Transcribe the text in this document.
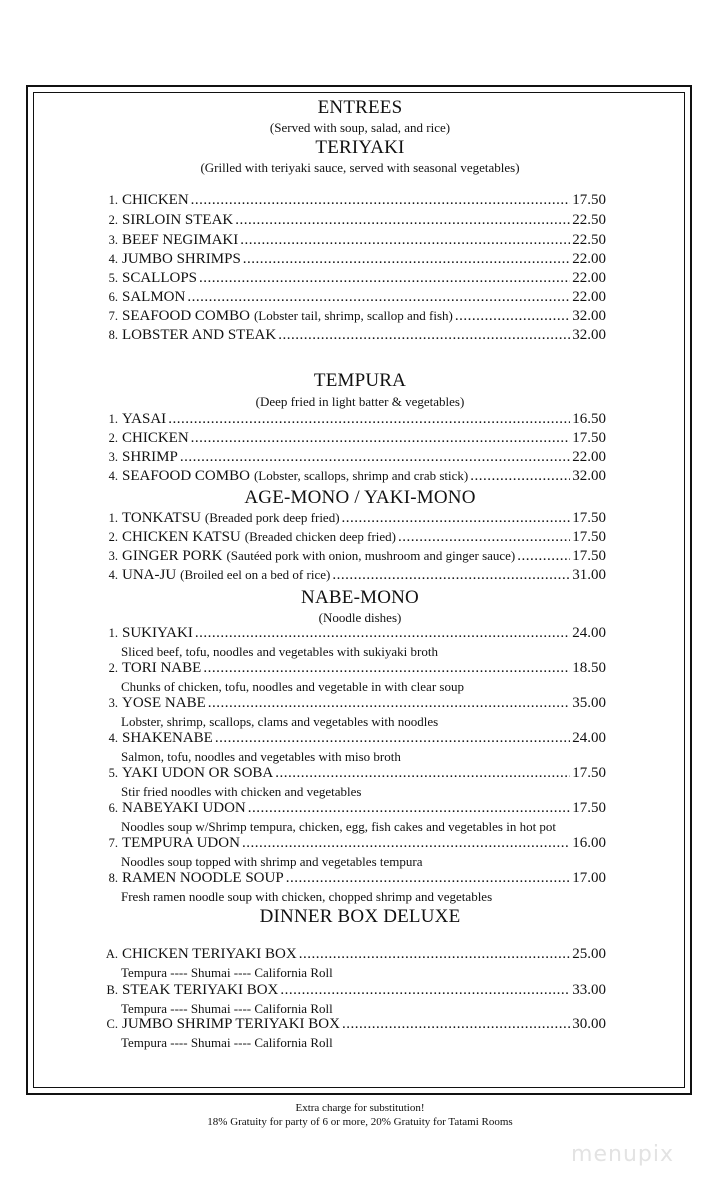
ENTREES
(Served with soup, salad, and rice)
TERIYAKI
(Grilled with teriyaki sauce, served with seasonal vegetables)
TEMPURA
(Deep fried in light batter & vegetables)
AGE-MONO / YAKI-MONO
NABE-MONO
(Noodle dishes)
DINNER BOX DELUXE
1. CHICKEN .....	17.50
2. SIRLOIN STEAK .....	22.50
3. BEEF NEGIMAKI .....	22.50
4. JUMBO SHRIMPS .....	22.00
5. SCALLOPS .....	22.00
6. SALMON .....	22.00
7. SEAFOOD COMBO (Lobster tail, shrimp, scallop and fish) .....	32.00
8. LOBSTER AND STEAK .....	32.00
1. YASAI .....	16.50
2. CHICKEN .....	17.50
3. SHRIMP .....	22.00
4. SEAFOOD COMBO (Lobster, scallops, shrimp and crab stick) .....	32.00
1. TONKATSU (Breaded pork deep fried) .....	17.50
2. CHICKEN KATSU (Breaded chicken deep fried) .....	17.50
3. GINGER PORK (Sautéed pork with onion, mushroom and ginger sauce) .....	17.50
4. UNA-JU (Broiled eel on a bed of rice) .....	31.00
1. SUKIYAKI .....	24.00
Sliced beef, tofu, noodles and vegetables with sukiyaki broth
2. TORI NABE .....	18.50
Chunks of chicken, tofu, noodles and vegetable in with clear soup
3. YOSE NABE .....	35.00
Lobster, shrimp, scallops, clams and vegetables with noodles
4. SHAKENABE .....	24.00
Salmon, tofu, noodles and vegetables with miso broth
5. YAKI UDON OR SOBA .....	17.50
Stir fried noodles with chicken and vegetables
6. NABEYAKI UDON .....	17.50
Noodles soup w/Shrimp tempura, chicken, egg, fish cakes and vegetables in hot pot
7. TEMPURA UDON .....	16.00
Noodles soup topped with shrimp and vegetables tempura
8. RAMEN NOODLE SOUP .....	17.00
Fresh ramen noodle soup with chicken, chopped shrimp and vegetables
A. CHICKEN TERIYAKI BOX .....	25.00
Tempura ---- Shumai ---- California Roll
B. STEAK TERIYAKI BOX .....	33.00
Tempura ---- Shumai ---- California Roll
C. JUMBO SHRIMP TERIYAKI BOX .....	30.00
Tempura ---- Shumai ---- California Roll
Extra charge for substitution!
18% Gratuity for party of 6 or more, 20% Gratuity for Tatami Rooms
menupix
